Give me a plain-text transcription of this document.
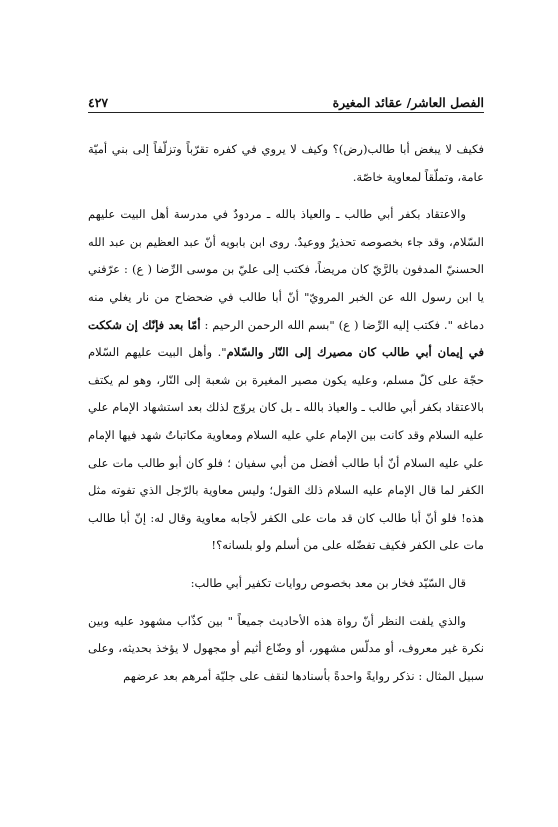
الفصل العاشر/ عقائد المغيرة
٤٢٧

فكيف لا يبغض أبا طالب(رض)؟ وكيف لا يروي في كفره تقرّباً وتزلّفاً إلى بني أميّة عامة، وتملّقاً لمعاوية خاصّة.

والاعتقاد بكفر أبي طالب ـ والعياذ بالله ـ مردودٌ في مدرسة أهل البيت عليهم السّلام، وقد جاء بخصوصه تحذيرٌ ووعيدٌ. روى ابن بابويه أنّ عبد العظيم بن عبد الله الحسنيّ المدفون بالرَّيّ كان مريضاً، فكتب إلى عليّ بن موسى الرِّضا ( ع) : عرّفني يا ابن رسول الله عن الخبر المرويّ" أنّ أبا طالب في ضحضاح من نار يغلي منه دماغه ". فكتب إليه الرِّضا ( ع) "بسم الله الرحمن الرحيم : أمّا بعد فإنّك إن شككت في إيمان أبي طالب كان مصيرك إلى النّار والسّلام". وأهل البيت عليهم السّلام حجّة على كلّ مسلم، وعليه يكون مصير المغيرة بن شعبة إلى النّار، وهو لم يكتف بالاعتقاد بكفر أبي طالب ـ والعياذ بالله ـ بل كان يروّج لذلك بعد استشهاد الإمام علي عليه السلام وقد كانت بين الإمام علي عليه السلام ومعاوية مكاتباتٌ شهد فيها الإمام علي عليه السلام أنّ أبا طالب أفضل من أبي سفيان ؛ فلو كان أبو طالب مات على الكفر لما قال الإمام عليه السلام ذلك القول؛ وليس معاوية بالرّجل الذي تفوته مثل هذه! فلو أنّ أبا طالب كان قد مات على الكفر لأجابه معاوية وقال له: إنّ أبا طالب مات على الكفر فكيف تفضّله على من أسلم ولو بلسانه؟!

قال السّيّد فخار بن معد بخصوص روايات تكفير أبي طالب:

والذي يلفت النظر أنّ رواة هذه الأحاديث جميعاً " بين كذّاب مشهود عليه وبين نكرة غير معروف، أو مدلّس مشهور، أو وضّاع أثيم أو مجهول لا يؤخذ بحديثه، وعلى سبيل المثال : نذكر روايةً واحدةً بأسنادها لنقف على جليّة أمرهم بعد عرضهم
